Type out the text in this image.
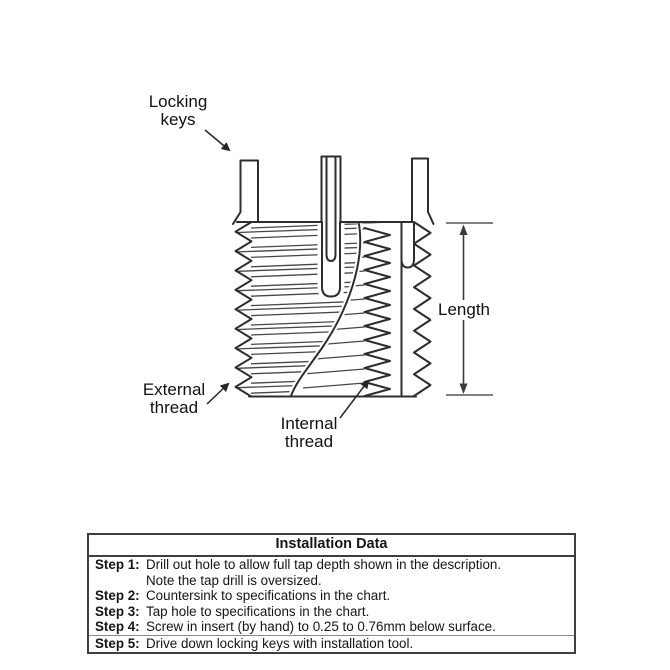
Locking keys
Length
External thread
Internal thread
Installation Data
Step 1: Drill out hole to allow full tap depth shown in the description.
Note the tap drill is oversized.
Step 2: Countersink to specifications in the chart.
Step 3: Tap hole to specifications in the chart.
Step 4: Screw in insert (by hand) to 0.25 to 0.76mm below surface.
Step 5: Drive down locking keys with installation tool.
